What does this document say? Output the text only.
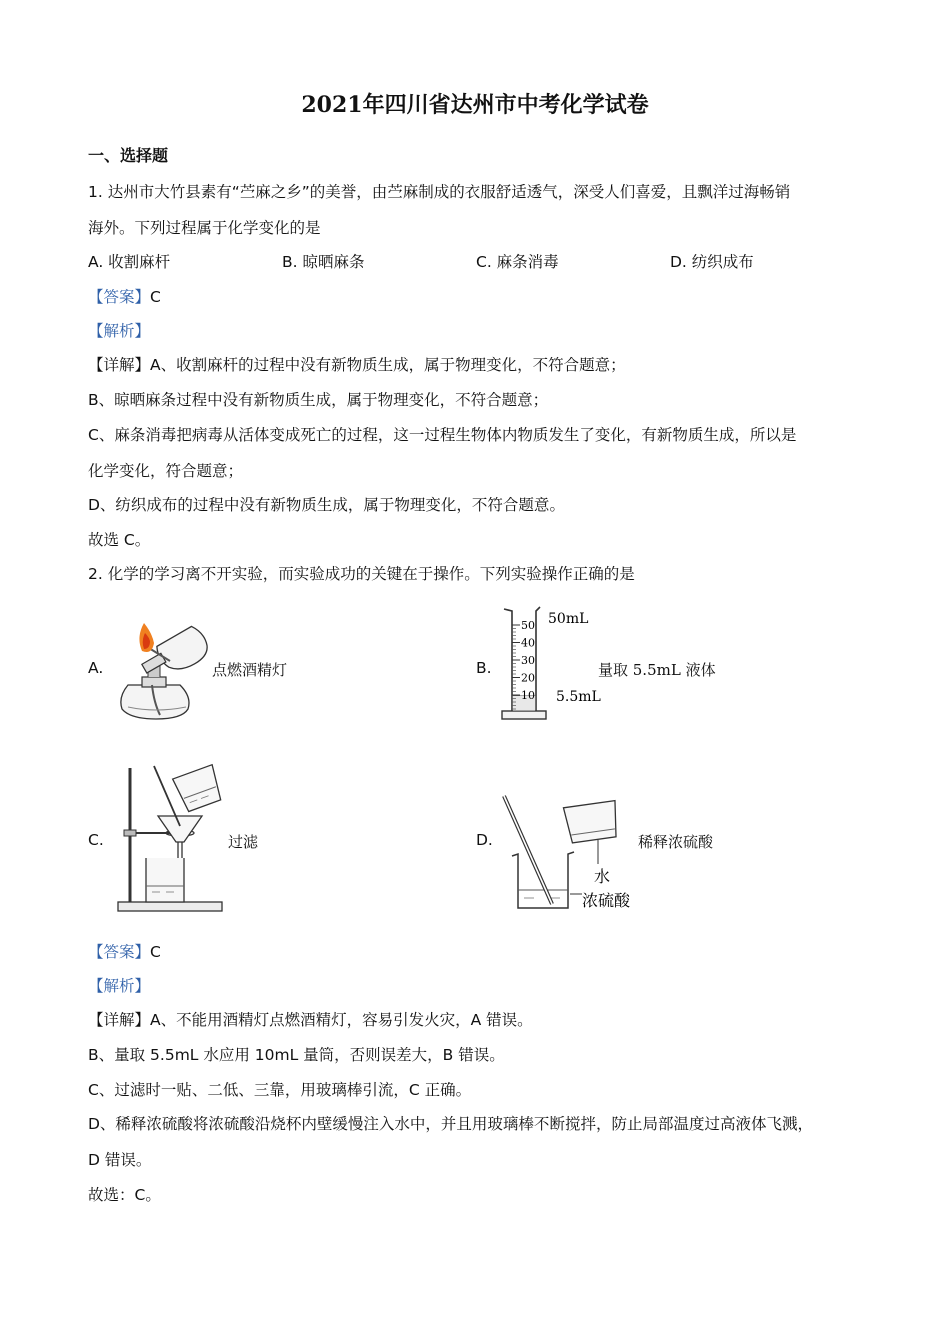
2021年四川省达州市中考化学试卷
一、选择题
1. 达州市大竹县素有“苎麻之乡”的美誉，由苎麻制成的衣服舒适透气，深受人们喜爱，且飘洋过海畅销
海外。下列过程属于化学变化的是
A. 收割麻杆	B. 晾晒麻条	C. 麻条消毒	D. 纺织成布
【答案】C
【解析】
【详解】A、收割麻杆的过程中没有新物质生成，属于物理变化，不符合题意；
B、晾晒麻条过程中没有新物质生成，属于物理变化，不符合题意；
C、麻条消毒把病毒从活体变成死亡的过程，这一过程生物体内物质发生了变化，有新物质生成，所以是
化学变化，符合题意；
D、纺织成布的过程中没有新物质生成，属于物理变化，不符合题意。
故选 C。
2. 化学的学习离不开实验，而实验成功的关键在于操作。下列实验操作正确的是
A.	点燃酒精灯	B.
50
40
30
20
10
50mL
5.5mL
量取 5.5mL 液体
C.	过滤	D.
水
浓硫酸
稀释浓硫酸
【答案】C
【解析】
【详解】A、不能用酒精灯点燃酒精灯，容易引发火灾，A 错误。
B、量取 5.5mL 水应用 10mL 量筒，否则误差大，B 错误。
C、过滤时一贴、二低、三靠，用玻璃棒引流，C 正确。
D、稀释浓硫酸将浓硫酸沿烧杯内壁缓慢注入水中，并且用玻璃棒不断搅拌，防止局部温度过高液体飞溅，
D 错误。
故选：C。
